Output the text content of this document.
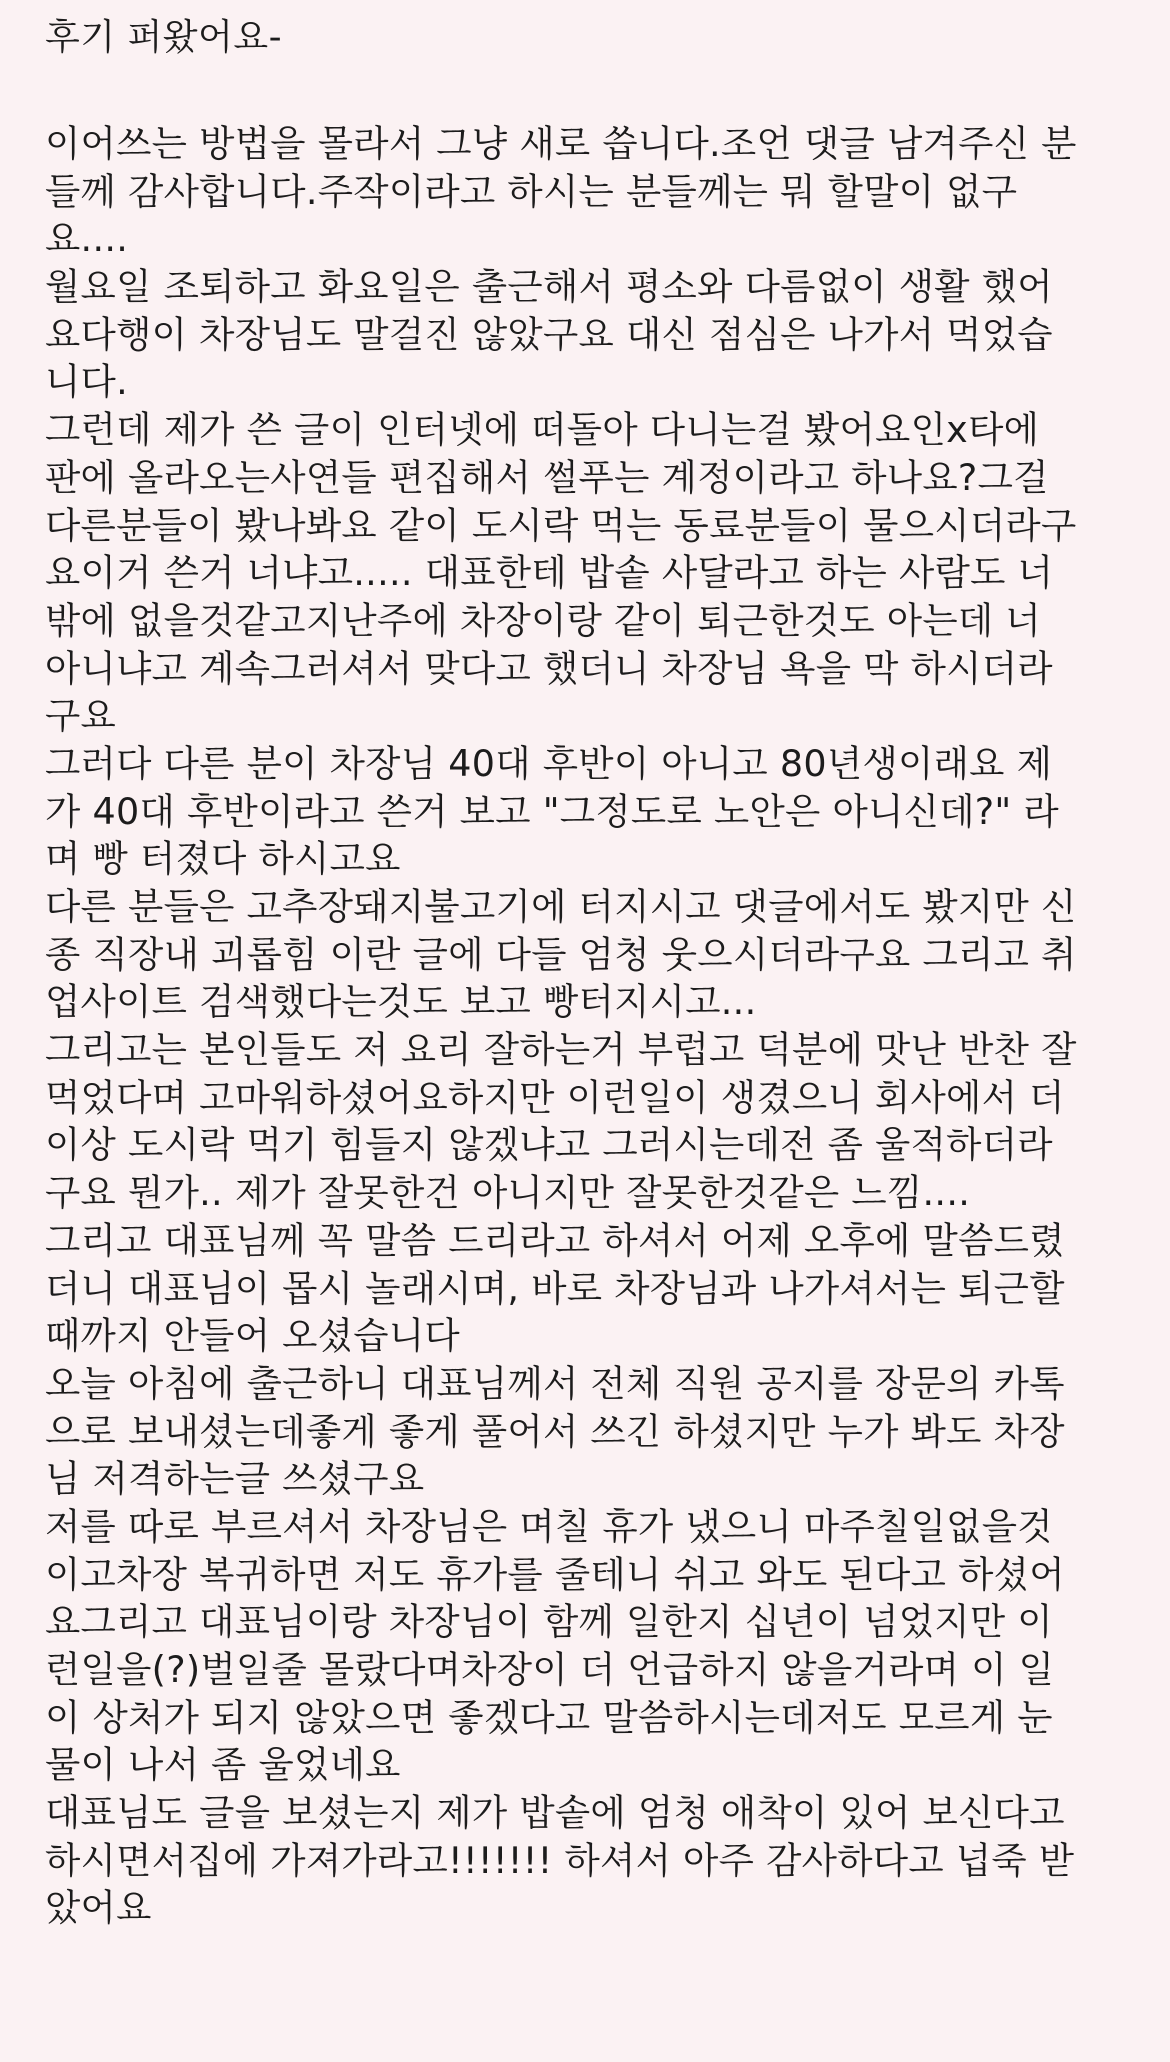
후기 퍼왔어요-
이어쓰는 방법을 몰라서 그냥 새로 씁니다.조언 댓글 남겨주신 분
들께 감사합니다.주작이라고 하시는 분들께는 뭐 할말이 없구
요....
월요일 조퇴하고 화요일은 출근해서 평소와 다름없이 생활 했어
요다행이 차장님도 말걸진 않았구요 대신 점심은 나가서 먹었습
니다.
그런데 제가 쓴 글이 인터넷에 떠돌아 다니는걸 봤어요인x타에
판에 올라오는사연들 편집해서 썰푸는 계정이라고 하나요?그걸
다른분들이 봤나봐요 같이 도시락 먹는 동료분들이 물으시더라구
요이거 쓴거 너냐고..... 대표한테 밥솥 사달라고 하는 사람도 너
밖에 없을것같고지난주에 차장이랑 같이 퇴근한것도 아는데 너
아니냐고 계속그러셔서 맞다고 했더니 차장님 욕을 막 하시더라
구요
그러다 다른 분이 차장님 40대 후반이 아니고 80년생이래요 제
가 40대 후반이라고 쓴거 보고 "그정도로 노안은 아니신데?" 라
며 빵 터졌다 하시고요
다른 분들은 고추장돼지불고기에 터지시고 댓글에서도 봤지만 신
종 직장내 괴롭힘 이란 글에 다들 엄청 웃으시더라구요 그리고 취
업사이트 검색했다는것도 보고 빵터지시고...
그리고는 본인들도 저 요리 잘하는거 부럽고 덕분에 맛난 반찬 잘
먹었다며 고마워하셨어요하지만 이런일이 생겼으니 회사에서 더
이상 도시락 먹기 힘들지 않겠냐고 그러시는데전 좀 울적하더라
구요 뭔가.. 제가 잘못한건 아니지만 잘못한것같은 느낌....
그리고 대표님께 꼭 말씀 드리라고 하셔서 어제 오후에 말씀드렸
더니 대표님이 몹시 놀래시며, 바로 차장님과 나가셔서는 퇴근할
때까지 안들어 오셨습니다
오늘 아침에 출근하니 대표님께서 전체 직원 공지를 장문의 카톡
으로 보내셨는데좋게 좋게 풀어서 쓰긴 하셨지만 누가 봐도 차장
님 저격하는글 쓰셨구요
저를 따로 부르셔서 차장님은 며칠 휴가 냈으니 마주칠일없을것
이고차장 복귀하면 저도 휴가를 줄테니 쉬고 와도 된다고 하셨어
요그리고 대표님이랑 차장님이 함께 일한지 십년이 넘었지만 이
런일을(?)벌일줄 몰랐다며차장이 더 언급하지 않을거라며 이 일
이 상처가 되지 않았으면 좋겠다고 말씀하시는데저도 모르게 눈
물이 나서 좀 울었네요
대표님도 글을 보셨는지 제가 밥솥에 엄청 애착이 있어 보신다고
하시면서집에 가져가라고!!!!!!! 하셔서 아주 감사하다고 넙죽 받
았어요
